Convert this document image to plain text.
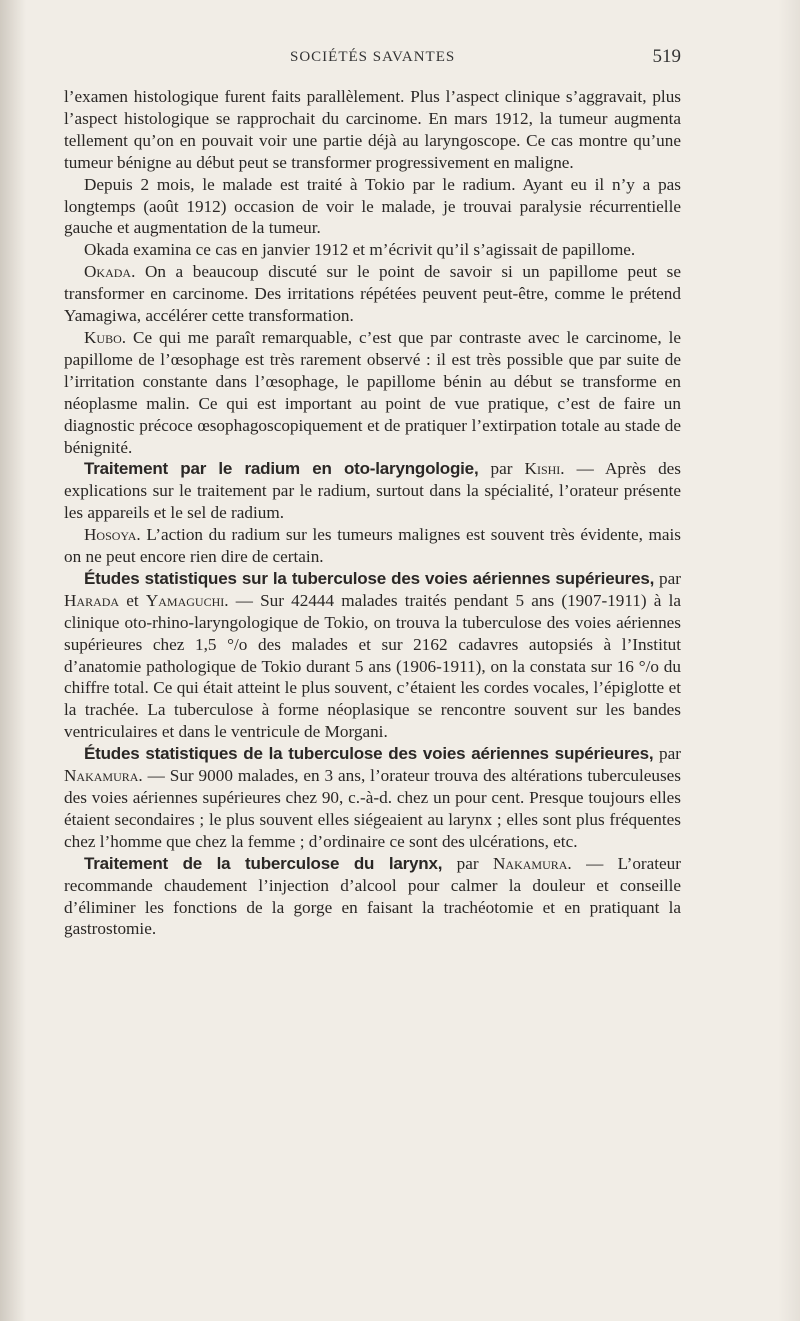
SOCIÉTÉS SAVANTES	519

l’examen histologique furent faits parallèlement. Plus l’aspect clinique s’aggravait, plus l’aspect histologique se rapprochait du carcinome. En mars 1912, la tumeur augmenta tellement qu’on en pouvait voir une partie déjà au laryngoscope. Ce cas montre qu’une tumeur bénigne au début peut se transformer progressivement en maligne.

Depuis 2 mois, le malade est traité à Tokio par le radium. Ayant eu il n’y a pas longtemps (août 1912) occasion de voir le malade, je trouvai paralysie récurrentielle gauche et augmentation de la tumeur.

Okada examina ce cas en janvier 1912 et m’écrivit qu’il s’agissait de papillome.

Okada. On a beaucoup discuté sur le point de savoir si un papillome peut se transformer en carcinome. Des irritations répétées peuvent peut-être, comme le prétend Yamagiwa, accélérer cette transformation.

Kubo. Ce qui me paraît remarquable, c’est que par contraste avec le carcinome, le papillome de l’œsophage est très rarement observé : il est très possible que par suite de l’irritation constante dans l’œsophage, le papillome bénin au début se transforme en néoplasme malin. Ce qui est important au point de vue pratique, c’est de faire un diagnostic précoce œsophagoscopiquement et de pratiquer l’extirpation totale au stade de bénignité.

Traitement par le radium en oto-laryngologie, par Kishi. — Après des explications sur le traitement par le radium, surtout dans la spécialité, l’orateur présente les appareils et le sel de radium.

Hosoya. L’action du radium sur les tumeurs malignes est souvent très évidente, mais on ne peut encore rien dire de certain.

Études statistiques sur la tuberculose des voies aériennes supérieures, par Harada et Yamaguchi. — Sur 42444 malades traités pendant 5 ans (1907-1911) à la clinique oto-rhino-laryngologique de Tokio, on trouva la tuberculose des voies aériennes supérieures chez 1,5 °/o des malades et sur 2162 cadavres autopsiés à l’Institut d’anatomie pathologique de Tokio durant 5 ans (1906-1911), on la constata sur 16 °/o du chiffre total. Ce qui était atteint le plus souvent, c’étaient les cordes vocales, l’épiglotte et la trachée. La tuberculose à forme néoplasique se rencontre souvent sur les bandes ventriculaires et dans le ventricule de Morgani.

Études statistiques de la tuberculose des voies aériennes supérieures, par Nakamura. — Sur 9000 malades, en 3 ans, l’orateur trouva des altérations tuberculeuses des voies aériennes supérieures chez 90, c.-à-d. chez un pour cent. Presque toujours elles étaient secondaires ; le plus souvent elles siégeaient au larynx ; elles sont plus fréquentes chez l’homme que chez la femme ; d’ordinaire ce sont des ulcérations, etc.

Traitement de la tuberculose du larynx, par Nakamura. — L’orateur recommande chaudement l’injection d’alcool pour calmer la douleur et conseille d’éliminer les fonctions de la gorge en faisant la trachéotomie et en pratiquant la gastrostomie.
